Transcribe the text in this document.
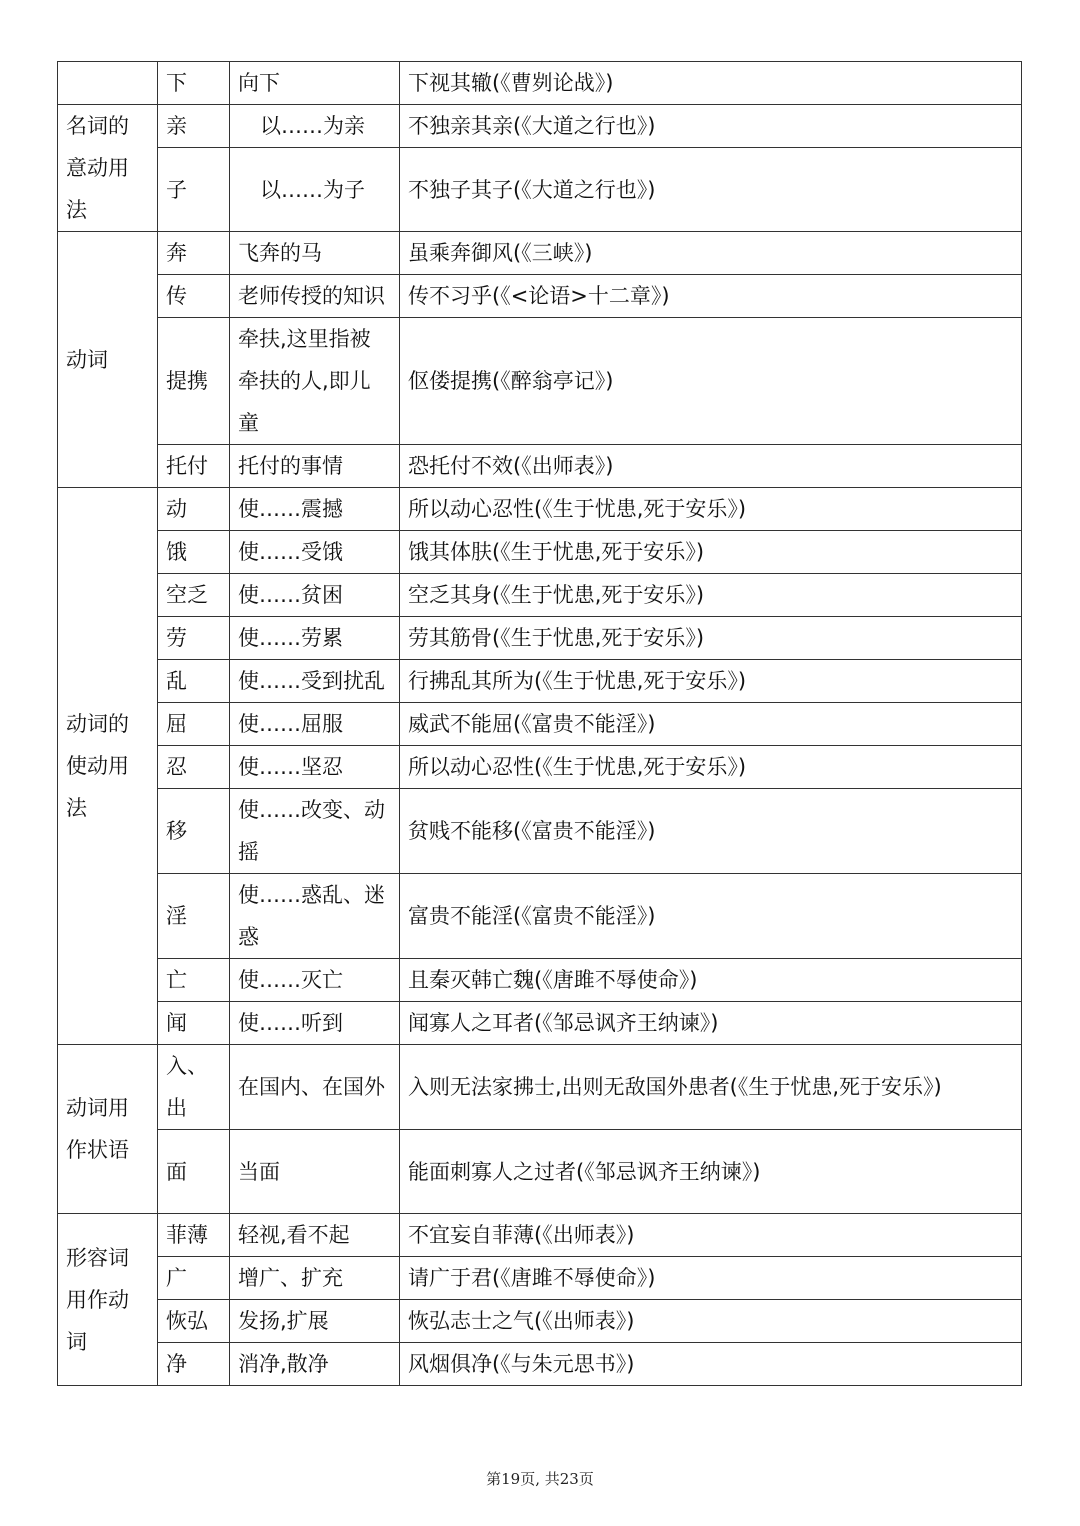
	下	向下	下视其辙(《曹刿论战》)
名词的意动用法	亲	以……为亲	不独亲其亲(《大道之行也》)
	子	以……为子	不独子其子(《大道之行也》)
动词	奔	飞奔的马	虽乘奔御风(《三峡》)
	传	老师传授的知识	传不习乎(《<论语>十二章》)
	提携	牵扶,这里指被牵扶的人,即儿童	伛偻提携(《醉翁亭记》)
	托付	托付的事情	恐托付不效(《出师表》)
动词的使动用法	动	使……震撼	所以动心忍性(《生于忧患,死于安乐》)
	饿	使……受饿	饿其体肤(《生于忧患,死于安乐》)
	空乏	使……贫困	空乏其身(《生于忧患,死于安乐》)
	劳	使……劳累	劳其筋骨(《生于忧患,死于安乐》)
	乱	使……受到扰乱	行拂乱其所为(《生于忧患,死于安乐》)
	屈	使……屈服	威武不能屈(《富贵不能淫》)
	忍	使……坚忍	所以动心忍性(《生于忧患,死于安乐》)
	移	使……改变、动摇	贫贱不能移(《富贵不能淫》)
	淫	使……惑乱、迷惑	富贵不能淫(《富贵不能淫》)
	亡	使……灭亡	且秦灭韩亡魏(《唐雎不辱使命》)
	闻	使……听到	闻寡人之耳者(《邹忌讽齐王纳谏》)
动词用作状语	入、出	在国内、在国外	入则无法家拂士,出则无敌国外患者(《生于忧患,死于安乐》)
	面	当面	能面刺寡人之过者(《邹忌讽齐王纳谏》)
形容词用作动词	菲薄	轻视,看不起	不宜妄自菲薄(《出师表》)
	广	增广、扩充	请广于君(《唐雎不辱使命》)
	恢弘	发扬,扩展	恢弘志士之气(《出师表》)
	净	消净,散净	风烟俱净(《与朱元思书》)
第19页, 共23页
